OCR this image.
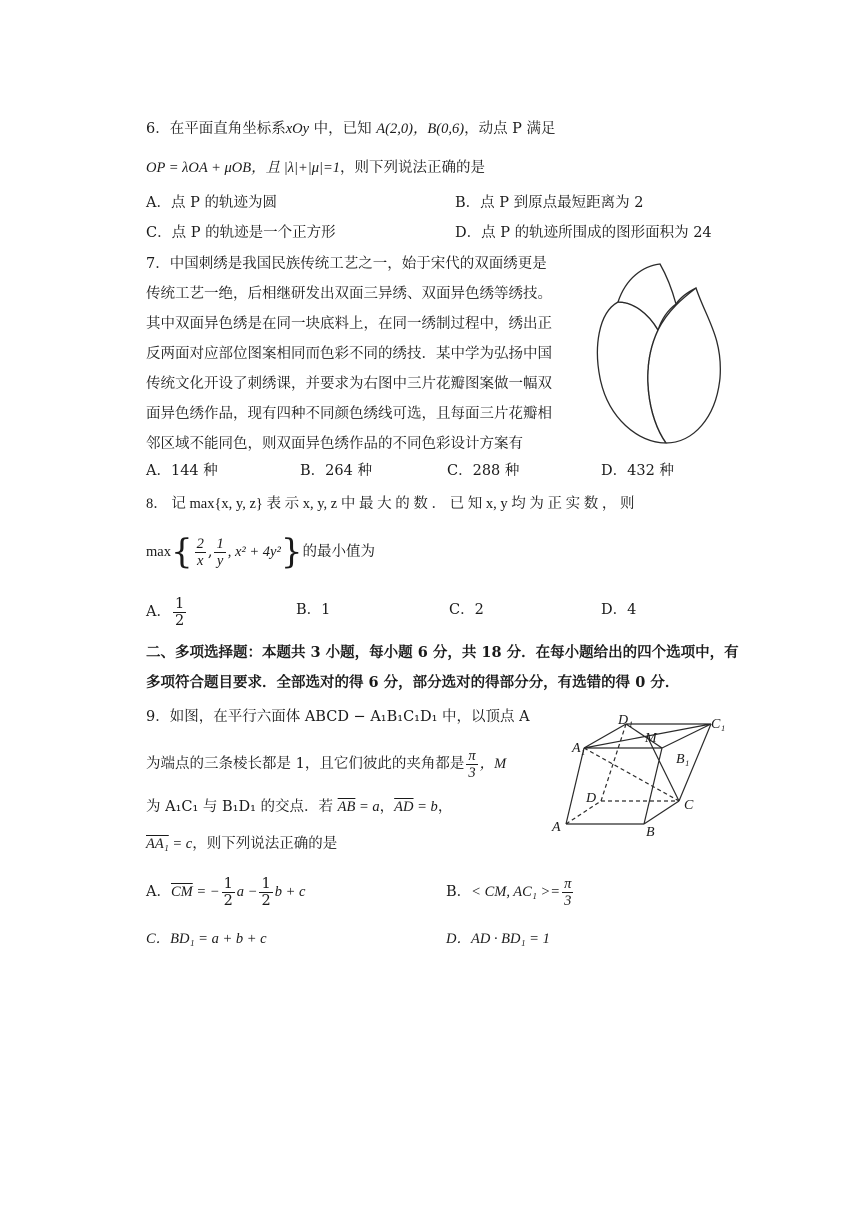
6．在平面直角坐标系xOy 中，已知 A(2,0)，B(0,6)，动点 P 满足
OP = λOA + μOB，且 |λ|+|μ|=1，则下列说法正确的是
A．点 P 的轨迹为圆	B．点 P 到原点最短距离为 2
C．点 P 的轨迹是一个正方形	D．点 P 的轨迹所围成的图形面积为 24
7．中国刺绣是我国民族传统工艺之一，始于宋代的双面绣更是
传统工艺一绝，后相继研发出双面三异绣、双面异色绣等绣技。
其中双面异色绣是在同一块底料上，在同一绣制过程中，绣出正
反两面对应部位图案相同而色彩不同的绣技．某中学为弘扬中国
传统文化开设了刺绣课，并要求为右图中三片花瓣图案做一幅双
面异色绣作品，现有四种不同颜色绣线可选，且每面三片花瓣相
邻区域不能同色，则双面异色绣作品的不同色彩设计方案有
A．144 种	B．264 种	C．288 种	D．432 种
8． 记 max{x, y, z} 表 示 x, y, z 中 最 大 的 数 ． 已 知 x, y 均 为 正 实 数 ， 则
$\max\{ \frac{2}{x}$ , $\frac{1}{y}$ , x² + 4y²}的最小值为
A． $\frac{1}{2}$	B．1	C．2	D．4
二、多项选择题：本题共 3 小题，每小题 6 分，共 18 分．在每小题给出的四个选项中，有
多项符合题目要求．全部选对的得 6 分，部分选对的得部分分，有选错的得 0 分．
9．如图，在平行六面体 ABCD − A₁B₁C₁D₁ 中，以顶点 A
为端点的三条棱长都是 1，且它们彼此的夹角都是 $\frac{\pi}{3}$ ，M
为 A₁C₁ 与 B₁D₁ 的交点．若 $\overline{AB} = a$，$\overline{AD} = b$，
AA₁ = c，则下列说法正确的是
A．$\overline{CM}$ = − $\frac{1}{2}$ $a - \frac{1}{2}$ b + c	B．< CM, $AC_1 >= \frac{\pi}{3}$
C．BD₁ = a + b + c	D．AD · BD₁ = 1
A	B
C
D
A₁
B₁
C₁
D₁
M
